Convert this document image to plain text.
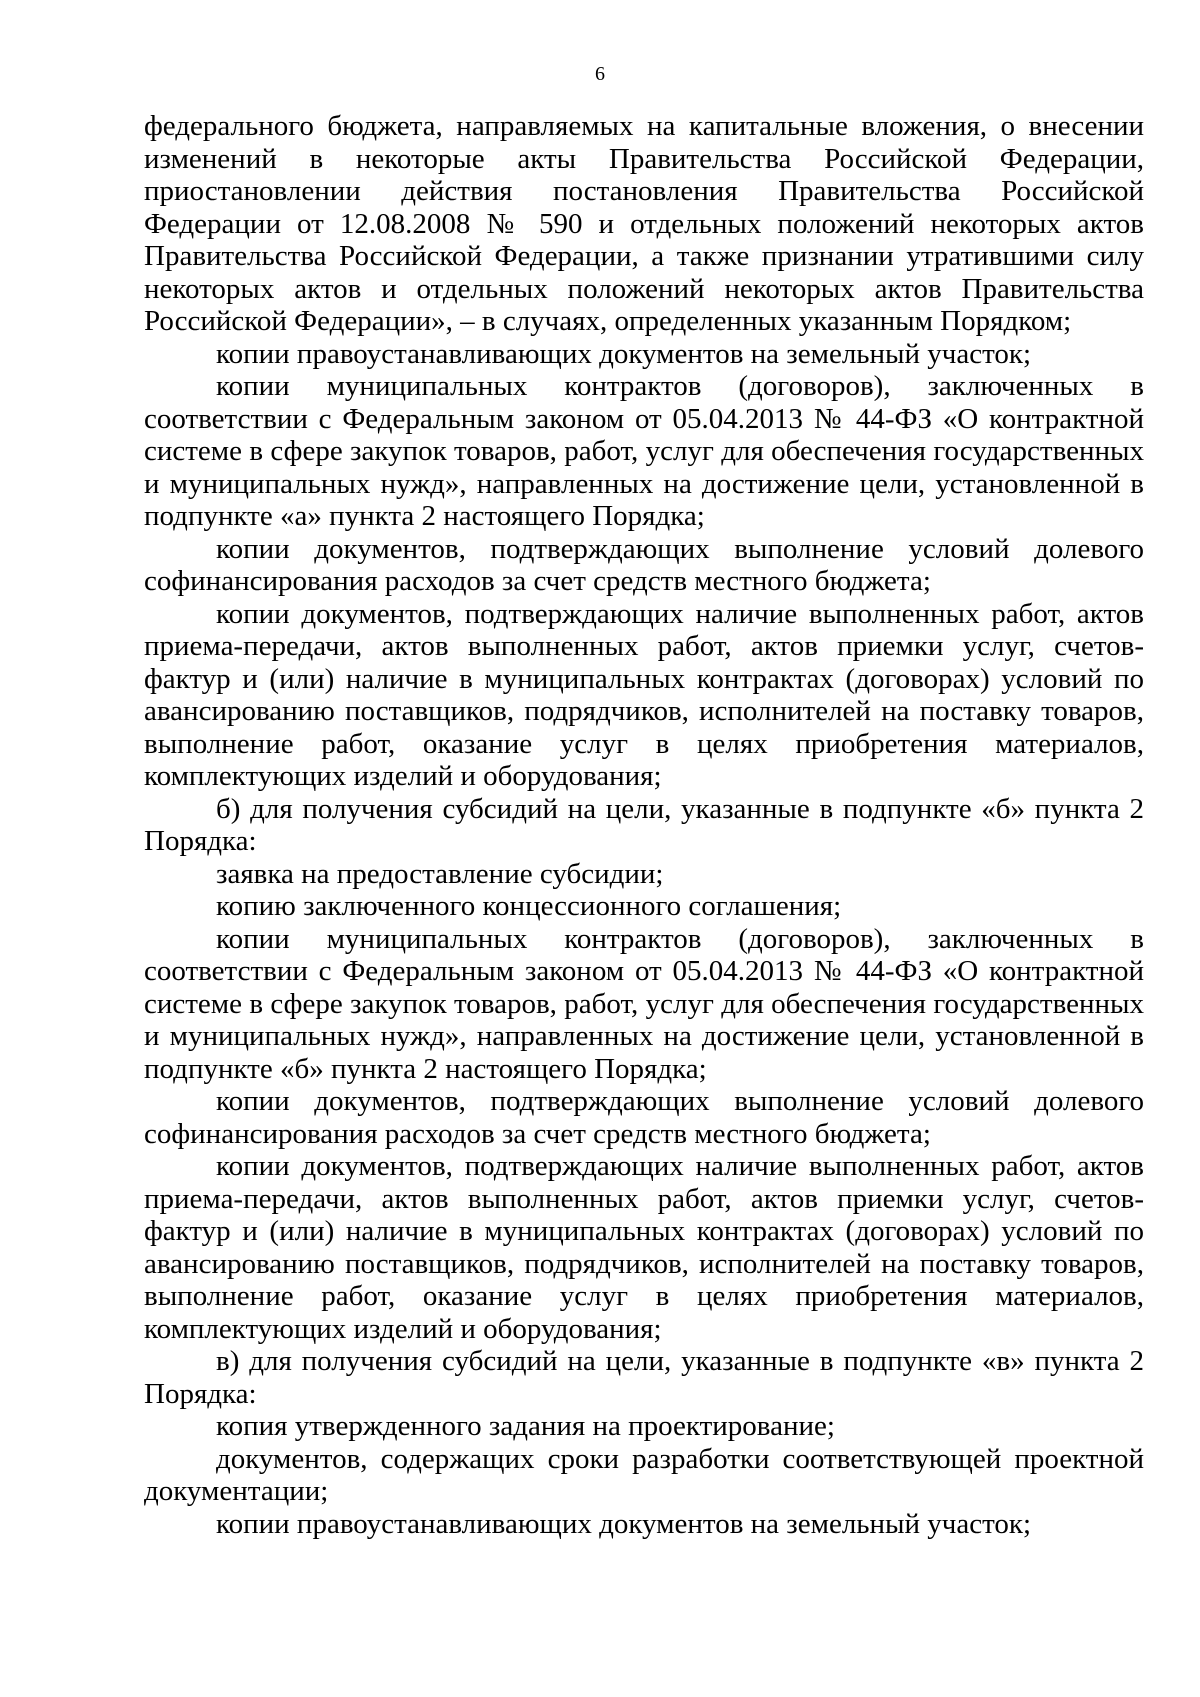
6

федерального бюджета, направляемых на капитальные вложения, о внесении изменений в некоторые акты Правительства Российской Федерации, приостановлении действия постановления Правительства Российской Федерации от 12.08.2008 № 590 и отдельных положений некоторых актов Правительства Российской Федерации, а также признании утратившими силу некоторых актов и отдельных положений некоторых актов Правительства Российской Федерации», – в случаях, определенных указанным Порядком;

копии правоустанавливающих документов на земельный участок;

копии муниципальных контрактов (договоров), заключенных в соответствии с Федеральным законом от 05.04.2013 № 44-ФЗ «О контрактной системе в сфере закупок товаров, работ, услуг для обеспечения государственных и муниципальных нужд», направленных на достижение цели, установленной в подпункте «а» пункта 2 настоящего Порядка;

копии документов, подтверждающих выполнение условий долевого софинансирования расходов за счет средств местного бюджета;

копии документов, подтверждающих наличие выполненных работ, актов приема-передачи, актов выполненных работ, актов приемки услуг, счетов-фактур и (или) наличие в муниципальных контрактах (договорах) условий по авансированию поставщиков, подрядчиков, исполнителей на поставку товаров, выполнение работ, оказание услуг в целях приобретения материалов, комплектующих изделий и оборудования;

б) для получения субсидий на цели, указанные в подпункте «б» пункта 2 Порядка:

заявка на предоставление субсидии;

копию заключенного концессионного соглашения;

копии муниципальных контрактов (договоров), заключенных в соответствии с Федеральным законом от 05.04.2013 № 44-ФЗ «О контрактной системе в сфере закупок товаров, работ, услуг для обеспечения государственных и муниципальных нужд», направленных на достижение цели, установленной в подпункте «б» пункта 2 настоящего Порядка;

копии документов, подтверждающих выполнение условий долевого софинансирования расходов за счет средств местного бюджета;

копии документов, подтверждающих наличие выполненных работ, актов приема-передачи, актов выполненных работ, актов приемки услуг, счетов-фактур и (или) наличие в муниципальных контрактах (договорах) условий по авансированию поставщиков, подрядчиков, исполнителей на поставку товаров, выполнение работ, оказание услуг в целях приобретения материалов, комплектующих изделий и оборудования;

в) для получения субсидий на цели, указанные в подпункте «в» пункта 2 Порядка:

копия утвержденного задания на проектирование;

документов, содержащих сроки разработки соответствующей проектной документации;

копии правоустанавливающих документов на земельный участок;
